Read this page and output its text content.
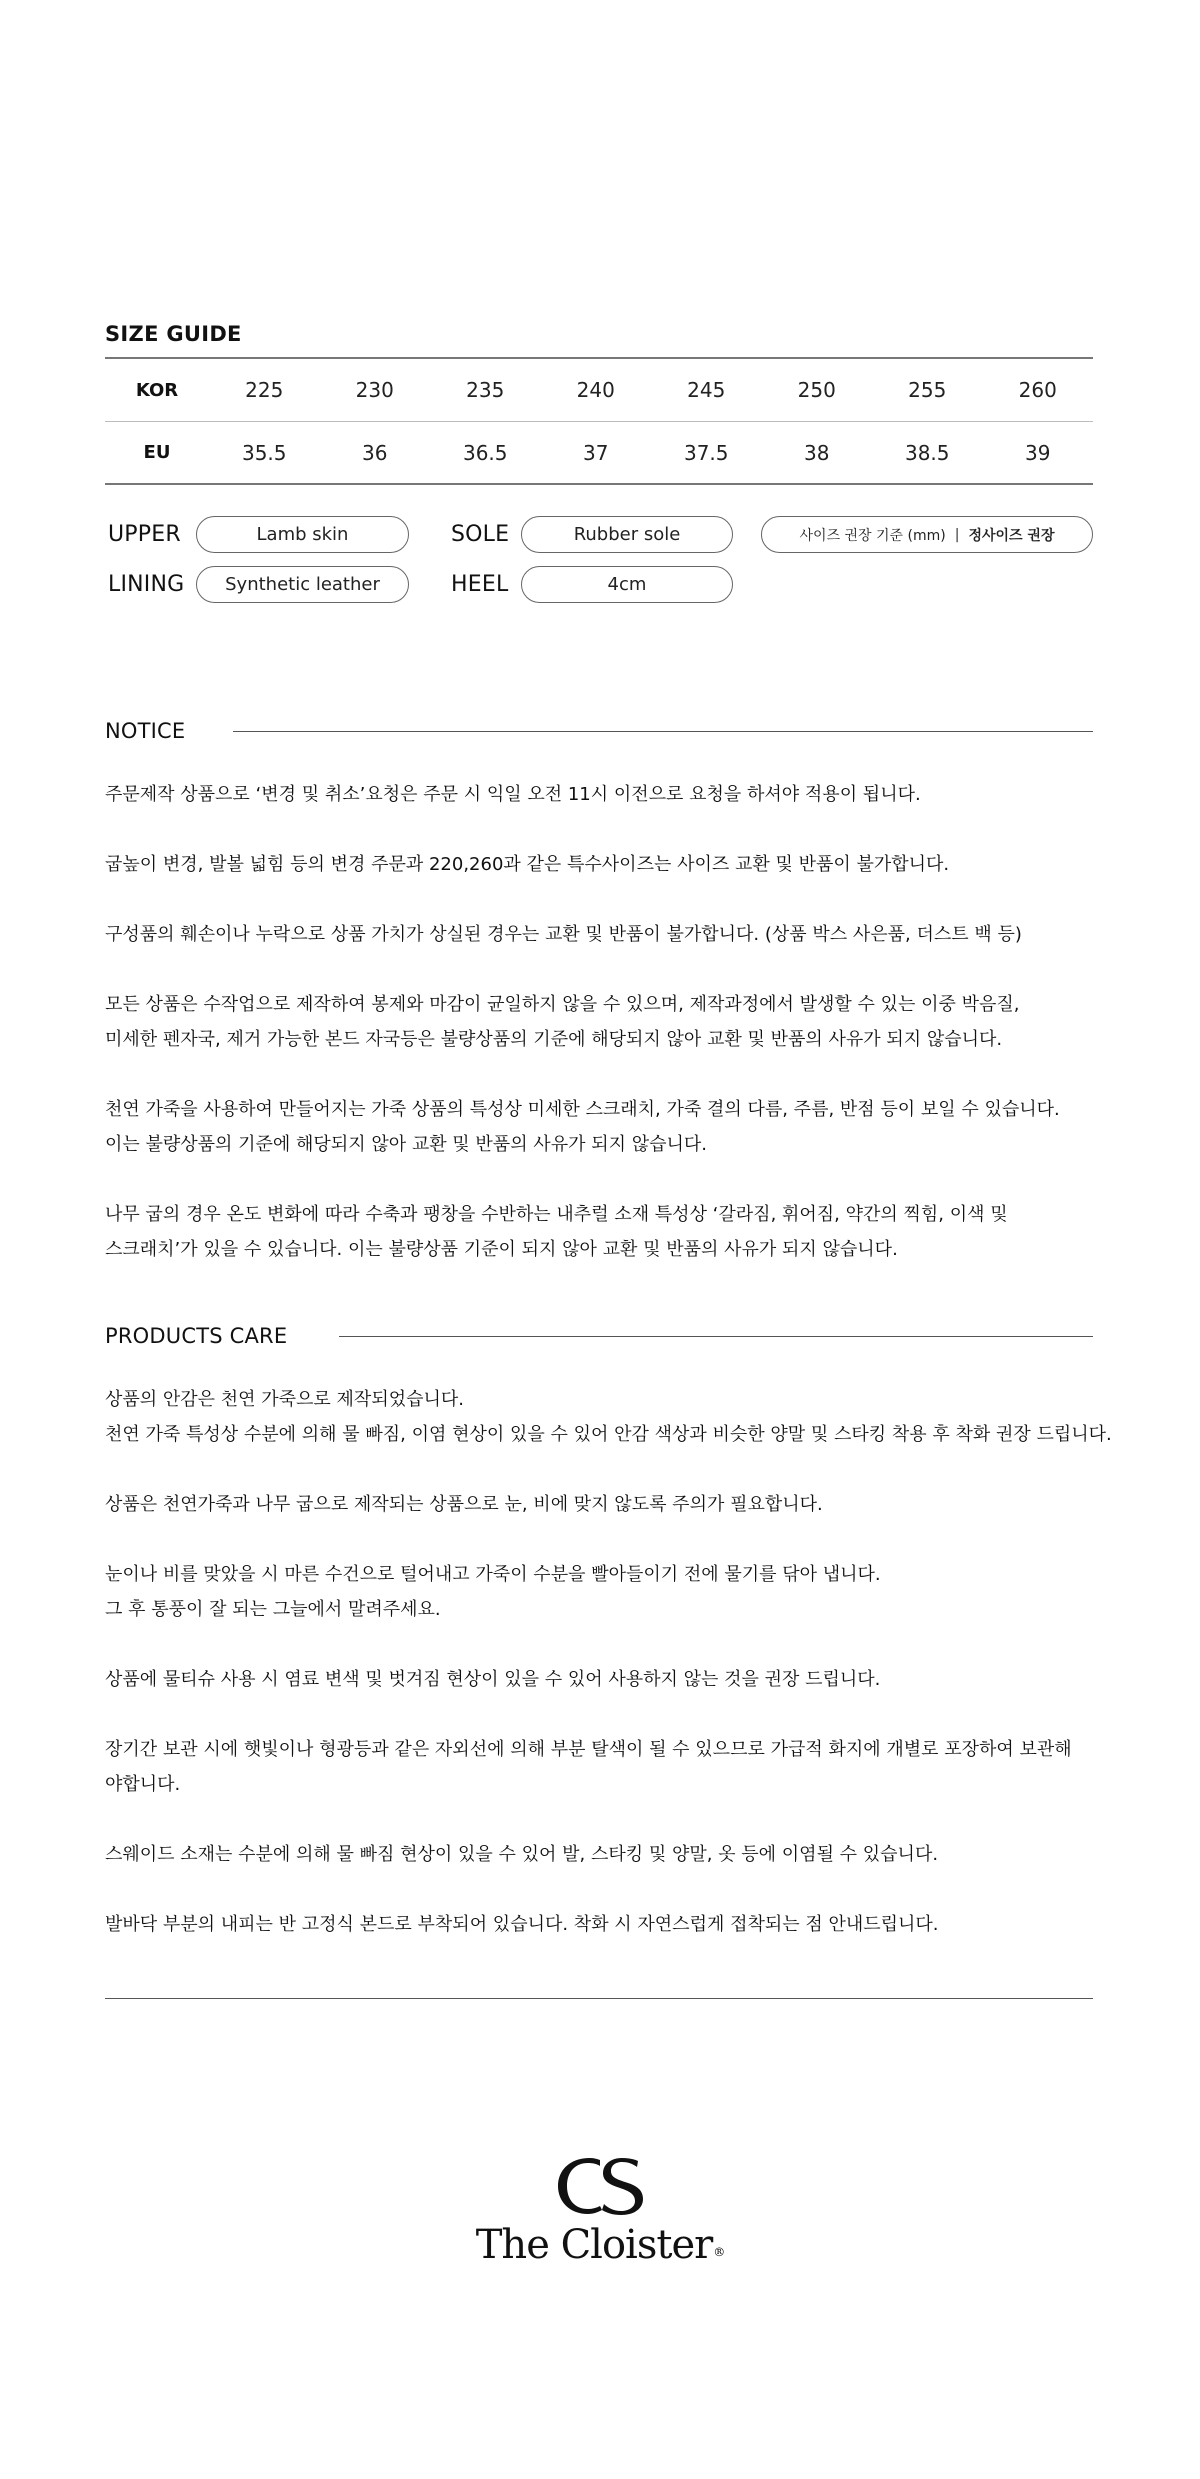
SIZE GUIDE
KOR	225	230	235	240	245	250	255	260
EU	35.5	36	36.5	37	37.5	38	38.5	39
UPPER	Lamb skin	SOLE	Rubber sole	사이즈 권장 기준 (mm) | 정사이즈 권장
LINING	Synthetic leather	HEEL	4cm
NOTICE

주문제작 상품으로 ‘변경 및 취소’요청은 주문 시 익일 오전 11시 이전으로 요청을 하셔야 적용이 됩니다.

굽높이 변경, 발볼 넓힘 등의 변경 주문과 220,260과 같은 특수사이즈는 사이즈 교환 및 반품이 불가합니다.

구성품의 훼손이나 누락으로 상품 가치가 상실된 경우는 교환 및 반품이 불가합니다. (상품 박스 사은품, 더스트 백 등)

모든 상품은 수작업으로 제작하여 봉제와 마감이 균일하지 않을 수 있으며, 제작과정에서 발생할 수 있는 이중 박음질,

미세한 펜자국, 제거 가능한 본드 자국등은 불량상품의 기준에 해당되지 않아 교환 및 반품의 사유가 되지 않습니다.

천연 가죽을 사용하여 만들어지는 가죽 상품의 특성상 미세한 스크래치, 가죽 결의 다름, 주름, 반점 등이 보일 수 있습니다.

이는 불량상품의 기준에 해당되지 않아 교환 및 반품의 사유가 되지 않습니다.

나무 굽의 경우 온도 변화에 따라 수축과 팽창을 수반하는 내추럴 소재 특성상 ‘갈라짐, 휘어짐, 약간의 찍힘, 이색 및

스크래치’가 있을 수 있습니다. 이는 불량상품 기준이 되지 않아 교환 및 반품의 사유가 되지 않습니다.

PRODUCTS CARE

상품의 안감은 천연 가죽으로 제작되었습니다.

천연 가죽 특성상 수분에 의해 물 빠짐, 이염 현상이 있을 수 있어 안감 색상과 비슷한 양말 및 스타킹 착용 후 착화 권장 드립니다.

상품은 천연가죽과 나무 굽으로 제작되는 상품으로 눈, 비에 맞지 않도록 주의가 필요합니다.

눈이나 비를 맞았을 시 마른 수건으로 털어내고 가죽이 수분을 빨아들이기 전에 물기를 닦아 냅니다.

그 후 통풍이 잘 되는 그늘에서 말려주세요.

상품에 물티슈 사용 시 염료 변색 및 벗겨짐 현상이 있을 수 있어 사용하지 않는 것을 권장 드립니다.

장기간 보관 시에 햇빛이나 형광등과 같은 자외선에 의해 부분 탈색이 될 수 있으므로 가급적 화지에 개별로 포장하여 보관해

야합니다.

스웨이드 소재는 수분에 의해 물 빠짐 현상이 있을 수 있어 발, 스타킹 및 양말, 옷 등에 이염될 수 있습니다.

발바닥 부분의 내피는 반 고정식 본드로 부착되어 있습니다. 착화 시 자연스럽게 접착되는 점 안내드립니다.

The Cloister®
